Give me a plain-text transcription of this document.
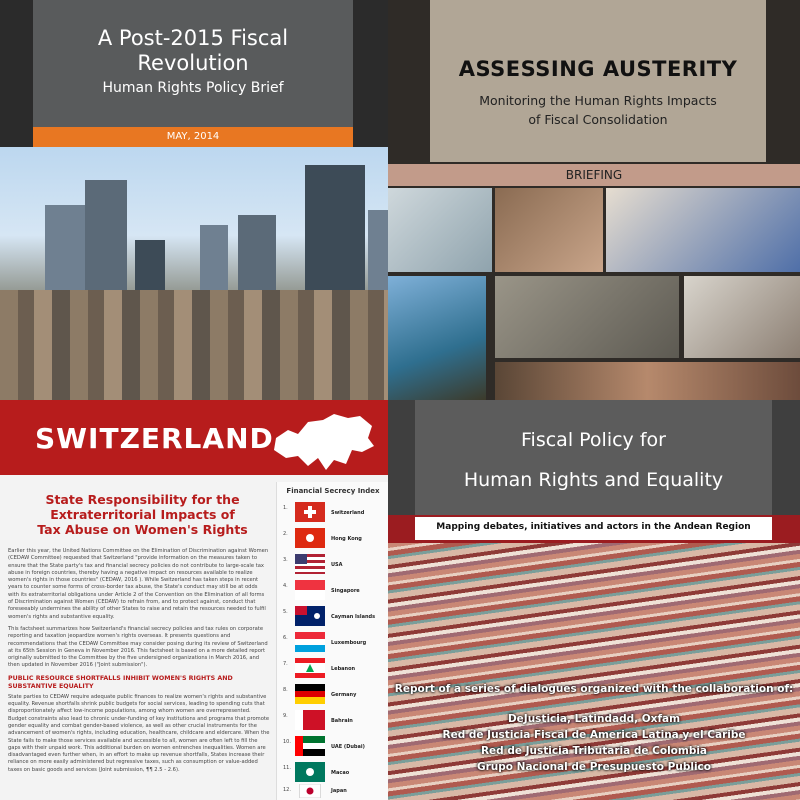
A Post-2015 Fiscal
Revolution
Human Rights Policy Brief
MAY, 2014
ASSESSING AUSTERITY
Monitoring the Human Rights Impacts
of Fiscal Consolidation
BRIEFING
SWITZERLAND
State Responsibility for the
Extraterritorial Impacts of
Tax Abuse on Women's Rights

Earlier this year, the United Nations Committee on the Elimination of Discrimination against Women (CEDAW Committee) requested that Switzerland "provide information on the measures taken to ensure that the State party's tax and financial secrecy policies do not contribute to large-scale tax abuse in foreign countries, thereby having a negative impact on resources available to realize women's rights in those countries" (CEDAW, 2016 ). While Switzerland has taken steps in recent years to counter some forms of cross-border tax abuse, the State's conduct may still be at odds with its extraterritorial obligations under Article 2 of the Convention on the Elimination of all forms of Discrimination against Women (CEDAW) to refrain from, and to protect against, conduct that foreseeably undermines the ability of other States to raise and retain the resources needed to fulfil women's rights and substantive equality.

This factsheet summarizes how Switzerland's financial secrecy policies and tax rules on corporate reporting and taxation jeopardize women's rights overseas. It presents questions and recommendations that the CEDAW Committee may consider posing during its review of Switzerland at its 65th Session in Geneva in November 2016. This factsheet is based on a more detailed report originally submitted to the Committee by the five undersigned organizations in March 2016, and then updated in November 2016 ("Joint submission").

PUBLIC RESOURCE SHORTFALLS INHIBIT WOMEN'S RIGHTS AND SUBSTANTIVE EQUALITY

State parties to CEDAW require adequate public finances to realize women's rights and substantive equality. Revenue shortfalls shrink public budgets for social services, leading to spending cuts that disproportionately affect low-income populations, among whom women are overrepresented. Budget constraints also lead to chronic under-funding of key institutions and programs that promote gender equality and combat gender-based violence, as well as other crucial instruments for the advancement of women's rights, including education, healthcare, childcare and eldercare. When the State fails to make those services available and accessible to all, women are often left to fill the gaps with their unpaid work. This additional burden on women entrenches inequalities. Women are disadvantaged even further when, in an effort to make up revenue shortfalls, States increase their reliance on more easily administered but regressive taxes, such as consumption or value-added taxes on basic goods and services (Joint submission, ¶¶ 2.5 - 2.6).

Financial Secrecy Index
1.
Switzerland
2.
Hong Kong
3.
USA
4.
Singapore
5.
Cayman Islands
6.
Luxembourg
7.
Lebanon
8.
Germany
9.
Bahrain
10.
UAE (Dubai)
11.
Macao
12.	Japan
Fiscal Policy for
Human Rights and Equality
Mapping debates, initiatives and actors in the Andean Region
Report of a series of dialogues organized with the collaboration of:
DeJusticia, Latindadd, Oxfam
Red de Justicia Fiscal de America Latina y el Caribe
Red de Justicia Tributaria de Colombia
Grupo Nacional de Presupuesto Publico
